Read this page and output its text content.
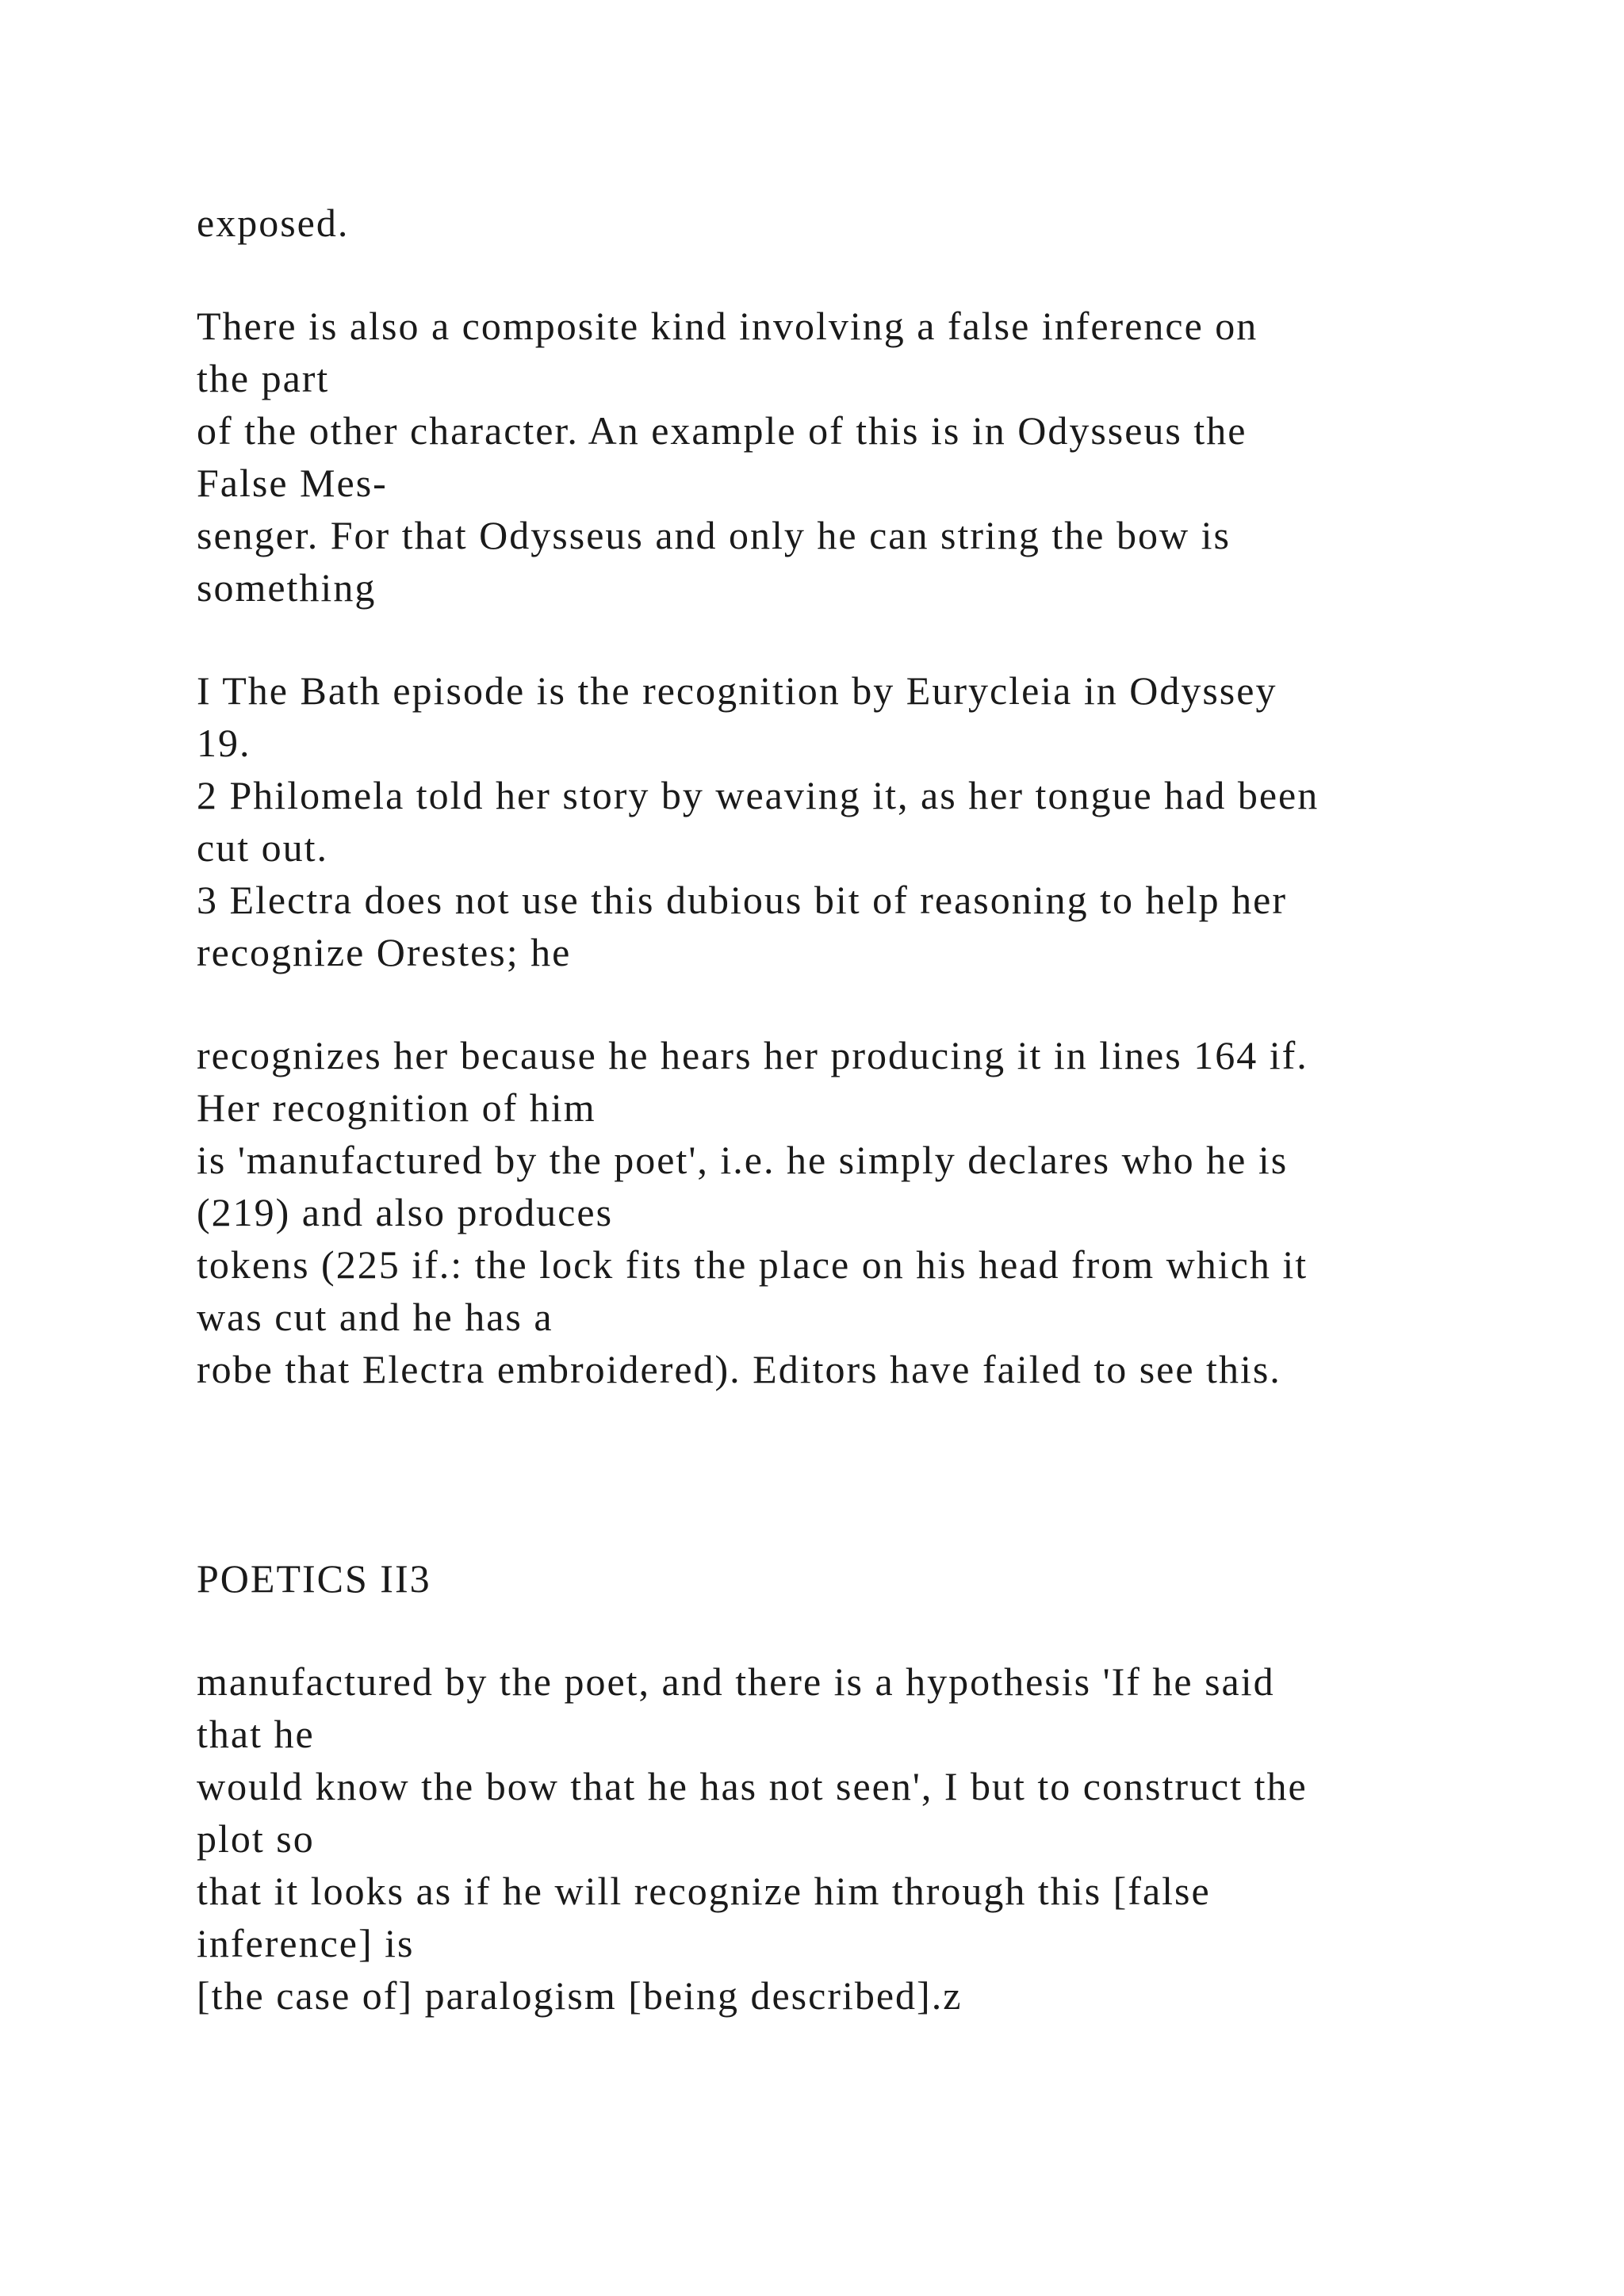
exposed.

There is also a composite kind involving a false inference on

the part

of the other character. An example of this is in Odysseus the

False Mes-

senger. For that Odysseus and only he can string the bow is

something

I The Bath episode is the recognition by Eurycleia in Odyssey

19.

2 Philomela told her story by weaving it, as her tongue had been

cut out.

3 Electra does not use this dubious bit of reasoning to help her

recognize Orestes; he

recognizes her because he hears her producing it in lines 164 if.

Her recognition of him

is 'manufactured by the poet', i.e. he simply declares who he is

(219) and also produces

tokens (225 if.: the lock fits the place on his head from which it

was cut and he has a

robe that Electra embroidered). Editors have failed to see this.

POETICS II3

manufactured by the poet, and there is a hypothesis 'If he said

that he

would know the bow that he has not seen', I but to construct the

plot so

that it looks as if he will recognize him through this [false

inference] is

[the case of] paralogism [being described].z
